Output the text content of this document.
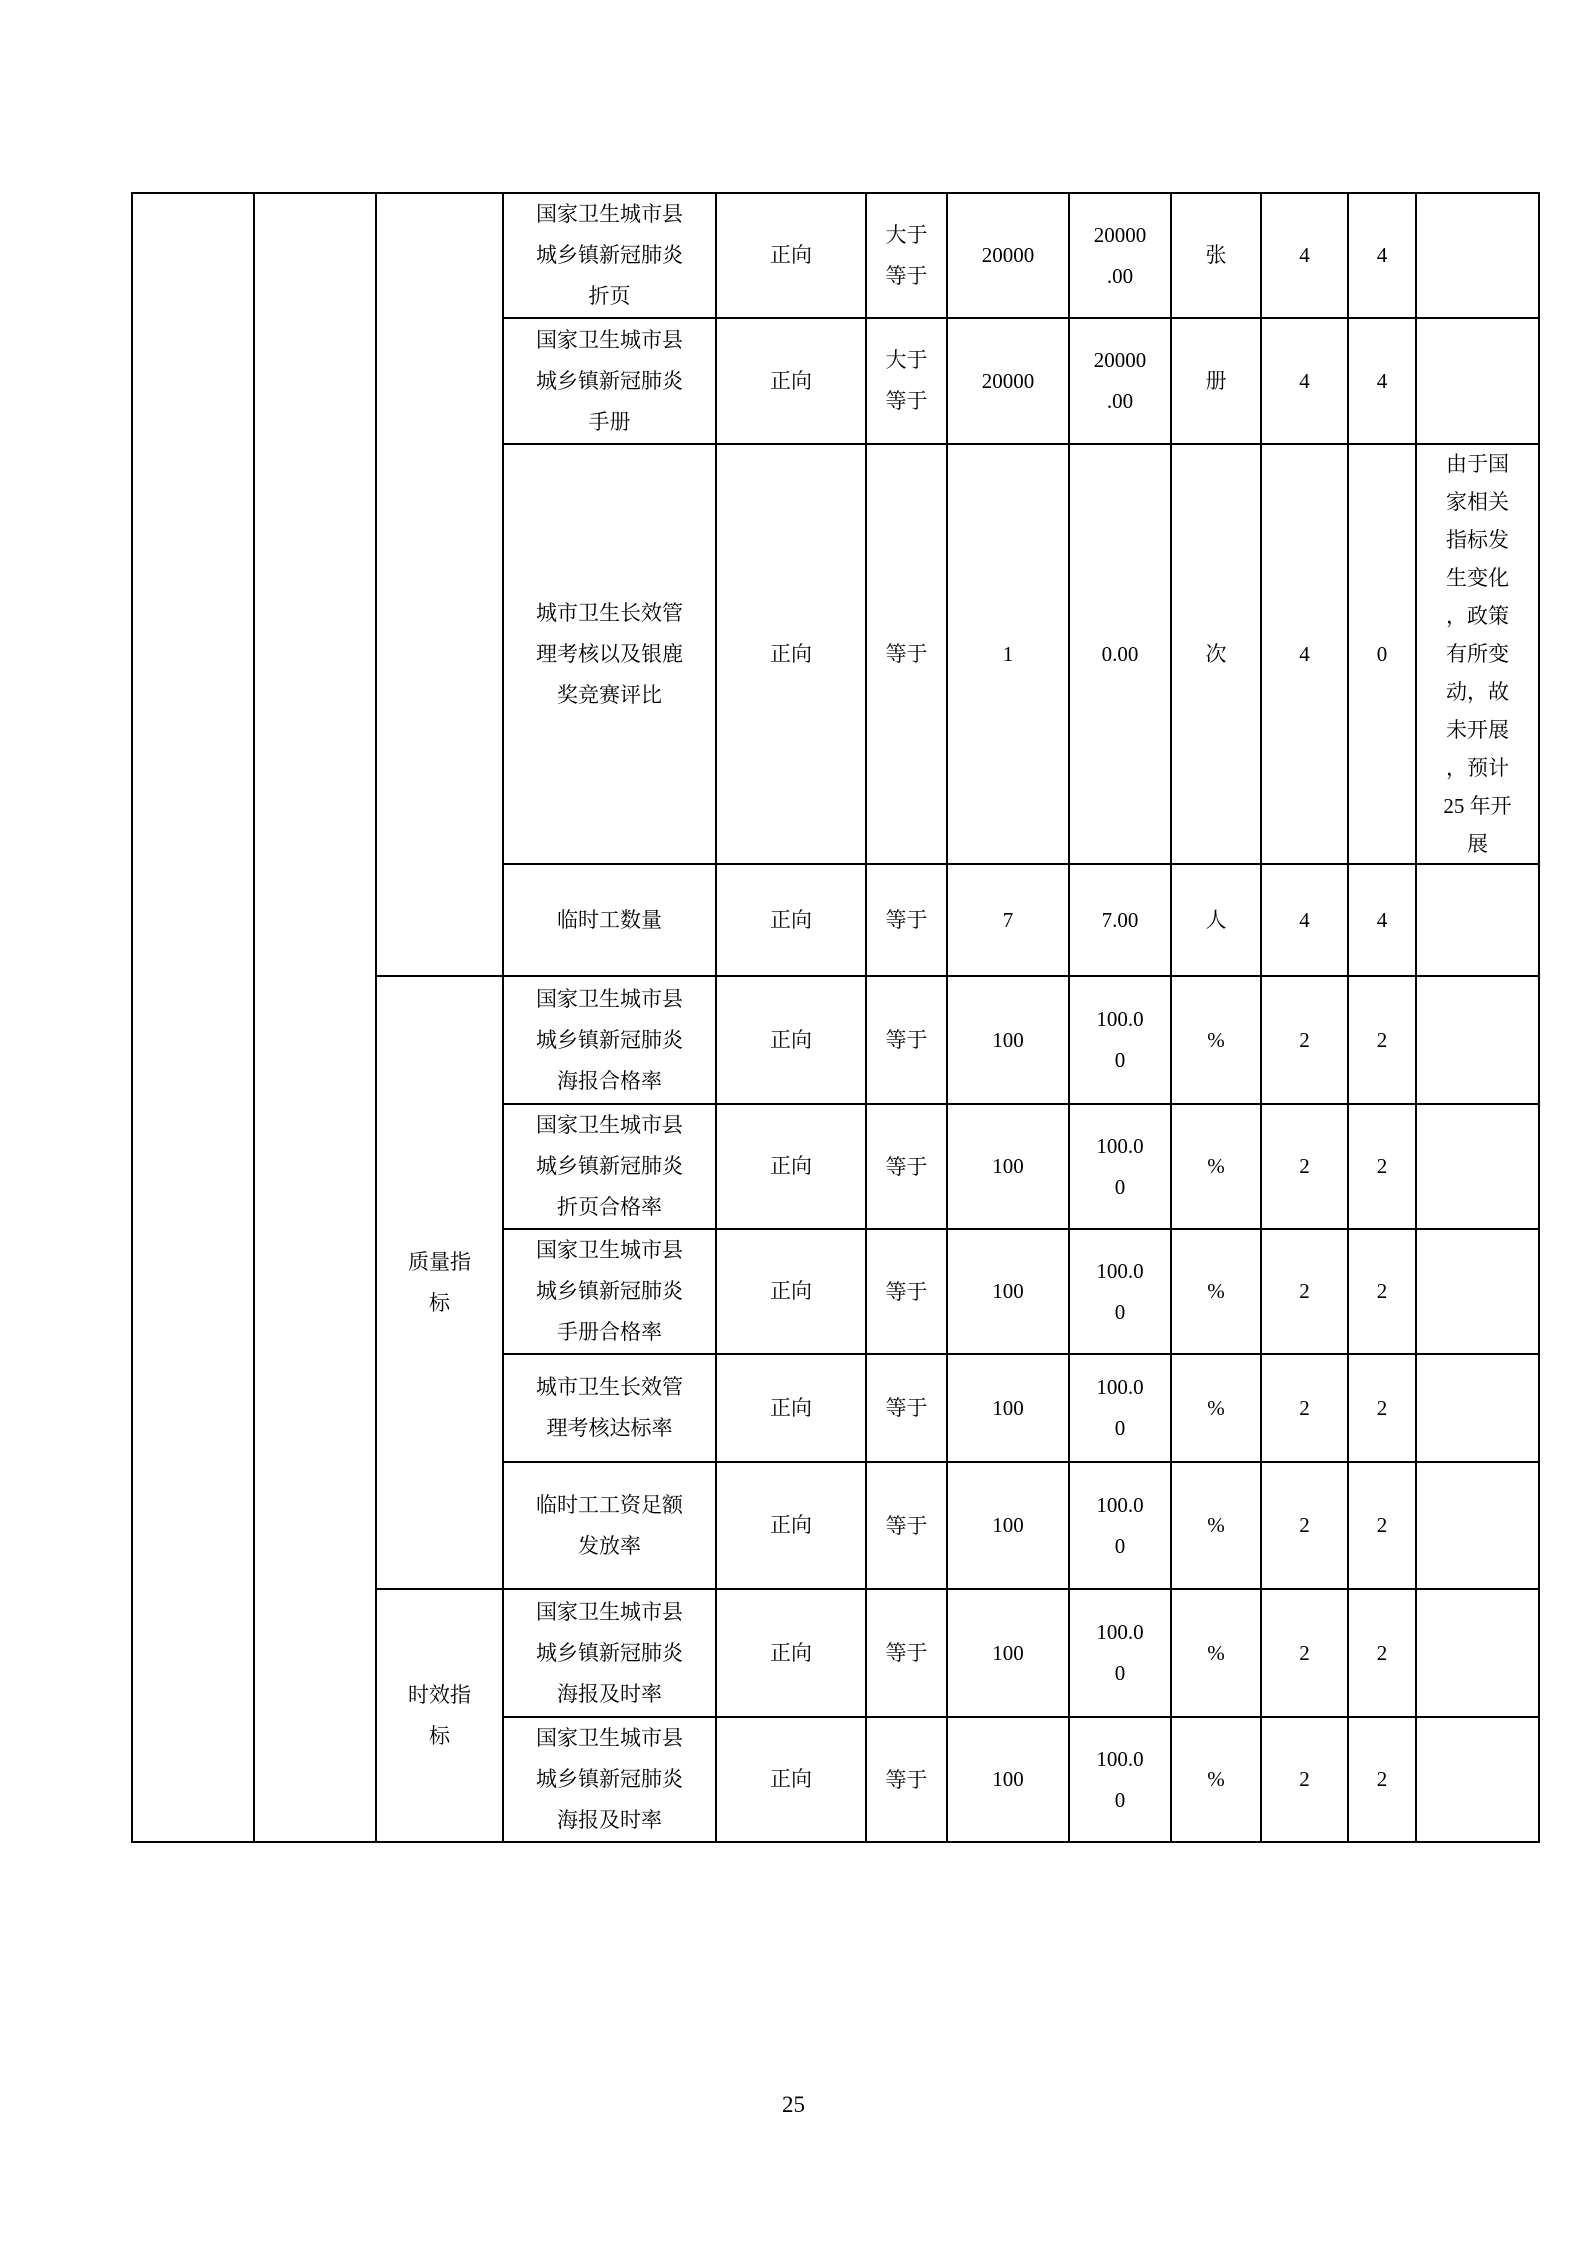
			国家卫生城市县城乡镇新冠肺炎折页	正向	大于等于	20000	20000.00	张	4	4	
			国家卫生城市县城乡镇新冠肺炎手册	正向	大于等于	20000	20000.00	册	4	4	
			城市卫生长效管理考核以及银鹿奖竞赛评比	正向	等于	1	0.00	次	4	0	由于国家相关指标发生变化，政策有所变动，故未开展，预计 25 年开展
			临时工数量	正向	等于	7	7.00	人	4	4	
		质量指标	国家卫生城市县城乡镇新冠肺炎海报合格率	正向	等于	100	100.00	%	2	2	
			国家卫生城市县城乡镇新冠肺炎折页合格率	正向	等于	100	100.00	%	2	2	
			国家卫生城市县城乡镇新冠肺炎手册合格率	正向	等于	100	100.00	%	2	2	
			城市卫生长效管理考核达标率	正向	等于	100	100.00	%	2	2	
			临时工工资足额发放率	正向	等于	100	100.00	%	2	2	
		时效指标	国家卫生城市县城乡镇新冠肺炎海报及时率	正向	等于	100	100.00	%	2	2	
			国家卫生城市县城乡镇新冠肺炎海报及时率	正向	等于	100	100.00	%	2	2	
25
